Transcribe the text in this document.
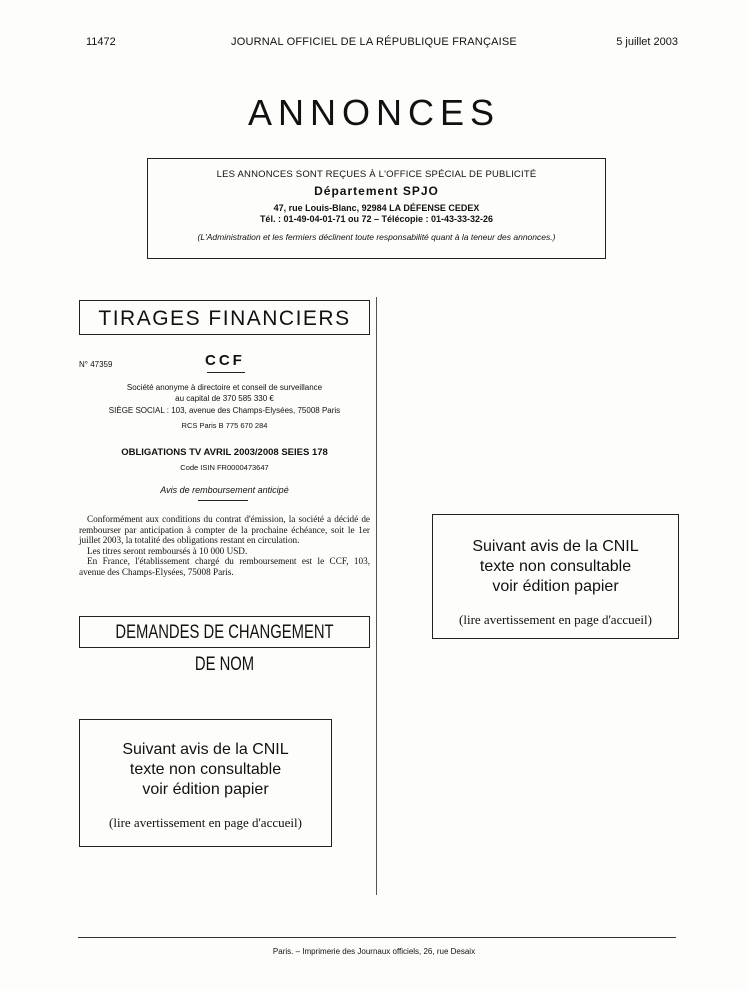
11472	JOURNAL OFFICIEL DE LA RÉPUBLIQUE FRANÇAISE	5 juillet 2003
ANNONCES
LES ANNONCES SONT REÇUES À L'OFFICE SPÉCIAL DE PUBLICITÉ
Département SPJO
47, rue Louis-Blanc, 92984 LA DÉFENSE CEDEX
Tél. : 01-49-04-01-71 ou 72 – Télécopie : 01-43-33-32-26
(L'Administration et les fermiers déclinent toute responsabilité quant à la teneur des annonces.)
TIRAGES FINANCIERS
N° 47359	CCF
Société anonyme à directoire et conseil de surveillance
au capital de 370 585 330 €
SIÈGE SOCIAL : 103, avenue des Champs-Elysées, 75008 Paris
RCS Paris B 775 670 284
OBLIGATIONS TV AVRIL 2003/2008 SEIES 178
Code ISIN FR0000473647
Avis de remboursement anticipé

Conformément aux conditions du contrat d'émission, la société a décidé de rembourser par anticipation à compter de la prochaine échéance, soit le 1er juillet 2003, la totalité des obligations restant en circulation.

Les titres seront remboursés à 10 000 USD.

En France, l'établissement chargé du remboursement est le CCF, 103, avenue des Champs-Elysées, 75008 Paris.

DEMANDES DE CHANGEMENT DE NOM
Suivant avis de la CNIL
texte non consultable
voir édition papier
(lire avertissement en page d'accueil)
Suivant avis de la CNIL
texte non consultable
voir édition papier
(lire avertissement en page d'accueil)
Paris. – Imprimerie des Journaux officiels, 26, rue Desaix
